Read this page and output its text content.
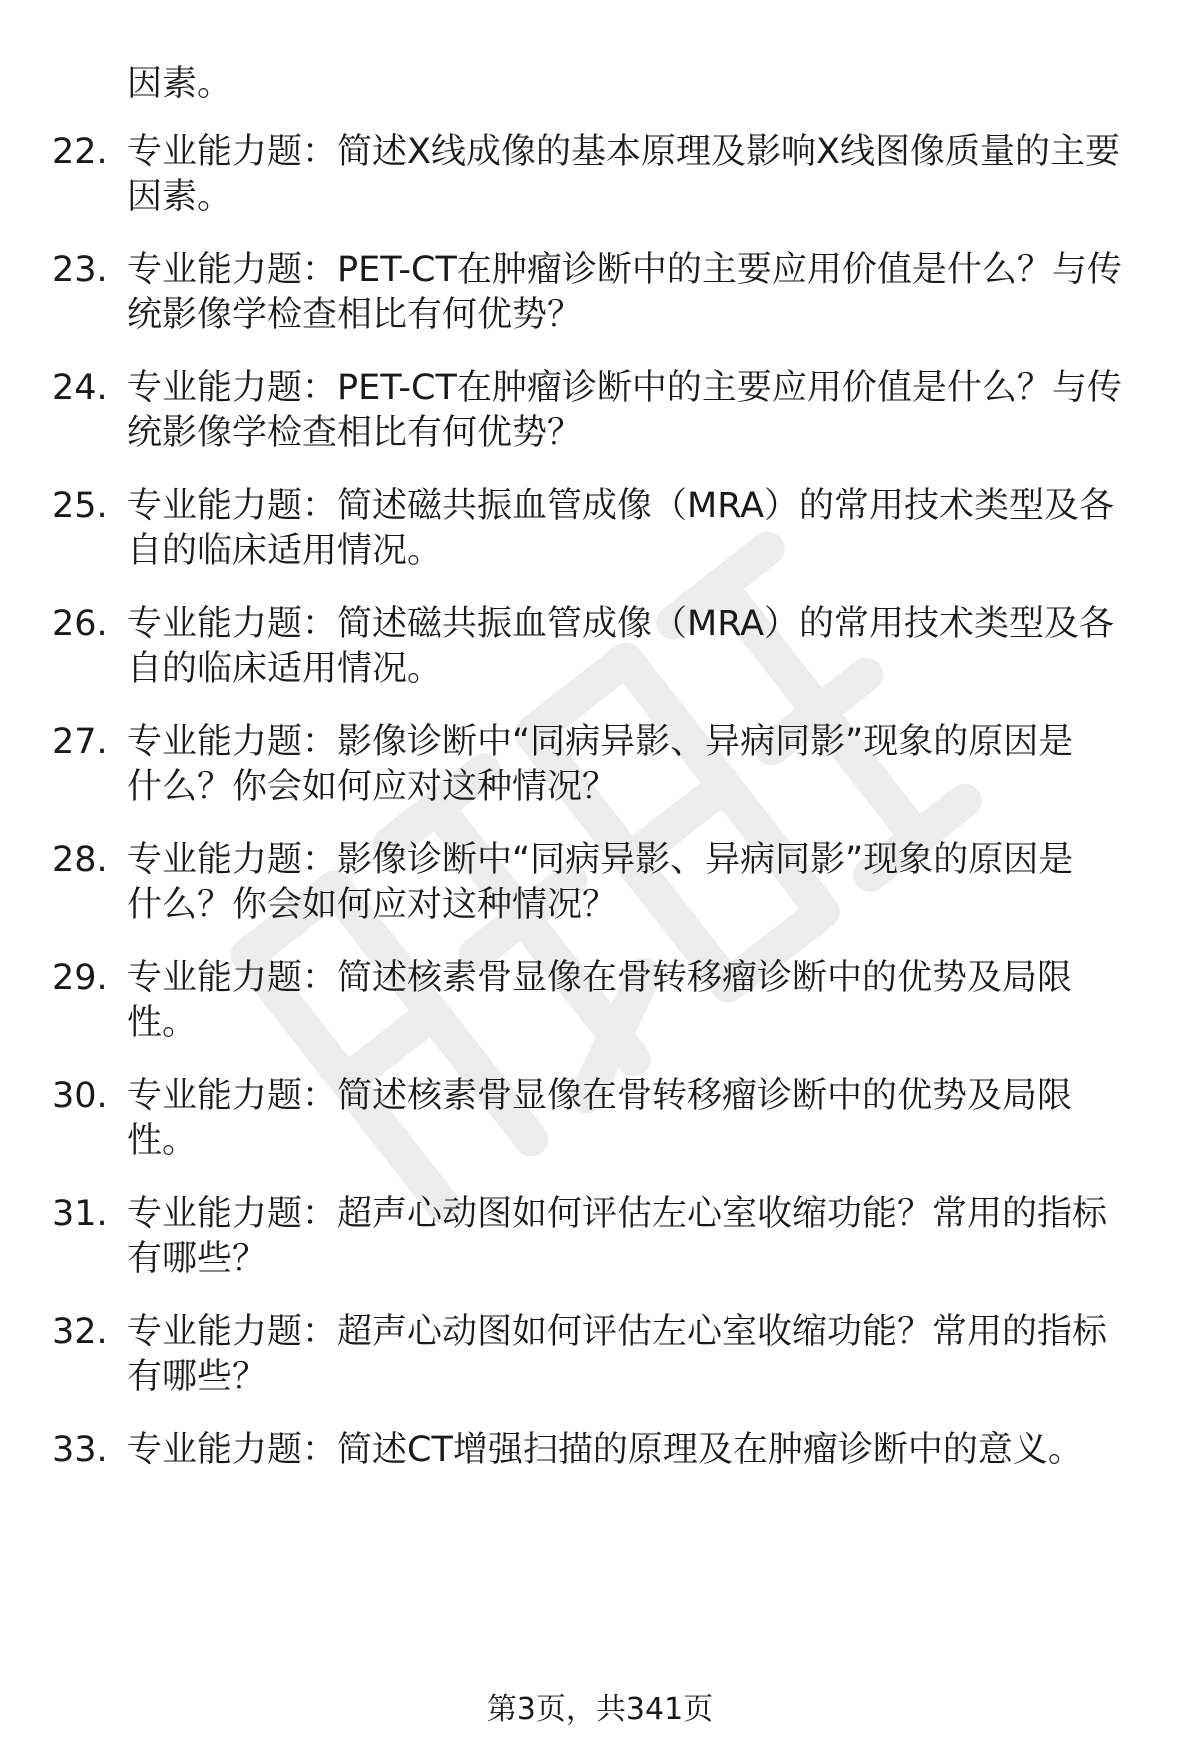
因素。
22. 专业能力题：简述X线成像的基本原理及影响X线图像质量的主要
因素。
23. 专业能力题：PET-CT在肿瘤诊断中的主要应用价值是什么？与传
统影像学检查相比有何优势？
24. 专业能力题：PET-CT在肿瘤诊断中的主要应用价值是什么？与传
统影像学检查相比有何优势？
25. 专业能力题：简述磁共振血管成像（MRA）的常用技术类型及各
自的临床适用情况。
26. 专业能力题：简述磁共振血管成像（MRA）的常用技术类型及各
自的临床适用情况。
27. 专业能力题：影像诊断中“同病异影、异病同影”现象的原因是
什么？你会如何应对这种情况？
28. 专业能力题：影像诊断中“同病异影、异病同影”现象的原因是
什么？你会如何应对这种情况？
29. 专业能力题：简述核素骨显像在骨转移瘤诊断中的优势及局限
性。
30. 专业能力题：简述核素骨显像在骨转移瘤诊断中的优势及局限
性。
31. 专业能力题：超声心动图如何评估左心室收缩功能？常用的指标
有哪些？
32. 专业能力题：超声心动图如何评估左心室收缩功能？常用的指标
有哪些？
33. 专业能力题：简述CT增强扫描的原理及在肿瘤诊断中的意义。
第3页，共341页
